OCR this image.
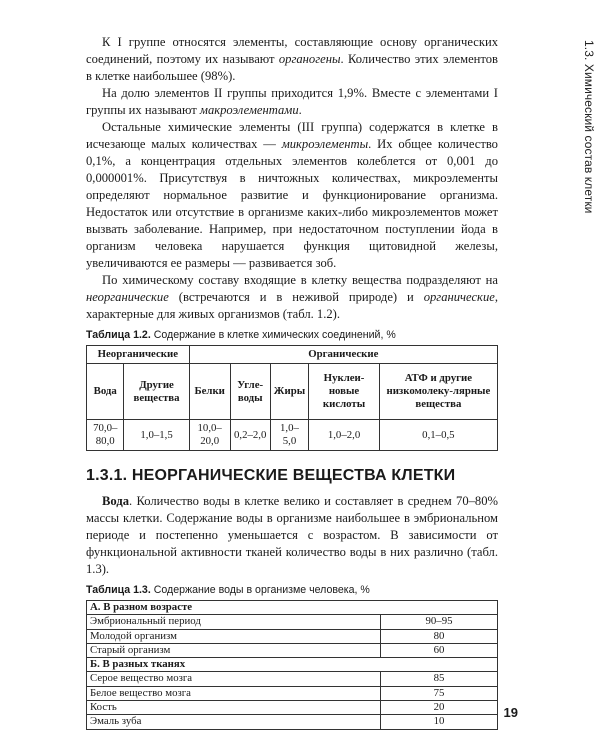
1.3. Химический состав клетки

К I группе относятся элементы, составляющие основу органических соединений, поэтому их называют органогены. Количество этих элементов в клетке наибольшее (98%).

На долю элементов II группы приходится 1,9%. Вместе с элементами I группы их называют макроэлементами.

Остальные химические элементы (III группа) содержатся в клетке в исчезающе малых количествах — микроэлементы. Их общее количество 0,1%, а концентрация отдельных элементов колеблется от 0,001 до 0,000001%. Присутствуя в ничтожных количествах, микроэлементы определяют нормальное развитие и функционирование организма. Недостаток или отсутствие в организме каких-либо микроэлементов может вызвать заболевание. Например, при недостаточном поступлении йода в организм человека нарушается функция щитовидной железы, увеличиваются ее размеры — развивается зоб.

По химическому составу входящие в клетку вещества подразделяют на неорганические (встречаются и в неживой природе) и органические, характерные для живых организмов (табл. 1.2).

Таблица 1.2. Содержание в клетке химических соединений, %
Неорганические		Органические				
Вода	Другие вещества	Белки	Угле-воды	Жиры	Нуклеи-новые кислоты	АТФ и другие низкомолеку-лярные вещества
70,0–80,0	1,0–1,5	10,0–20,0	0,2–2,0	1,0–5,0	1,0–2,0	0,1–0,5
1.3.1. НЕОРГАНИЧЕСКИЕ ВЕЩЕСТВА КЛЕТКИ

Вода. Количество воды в клетке велико и составляет в среднем 70–80% массы клетки. Содержание воды в организме наибольшее в эмбриональном периоде и постепенно уменьшается с возрастом. В зависимости от функциональной активности тканей количество воды в них различно (табл. 1.3).

Таблица 1.3. Содержание воды в организме человека, %
А. В разном возрасте	
Эмбриональный период	90–95
Молодой организм	80
Старый организм	60
Б. В разных тканях	
Серое вещество мозга	85
Белое вещество мозга	75
Кость	20
Эмаль зуба	10
19
